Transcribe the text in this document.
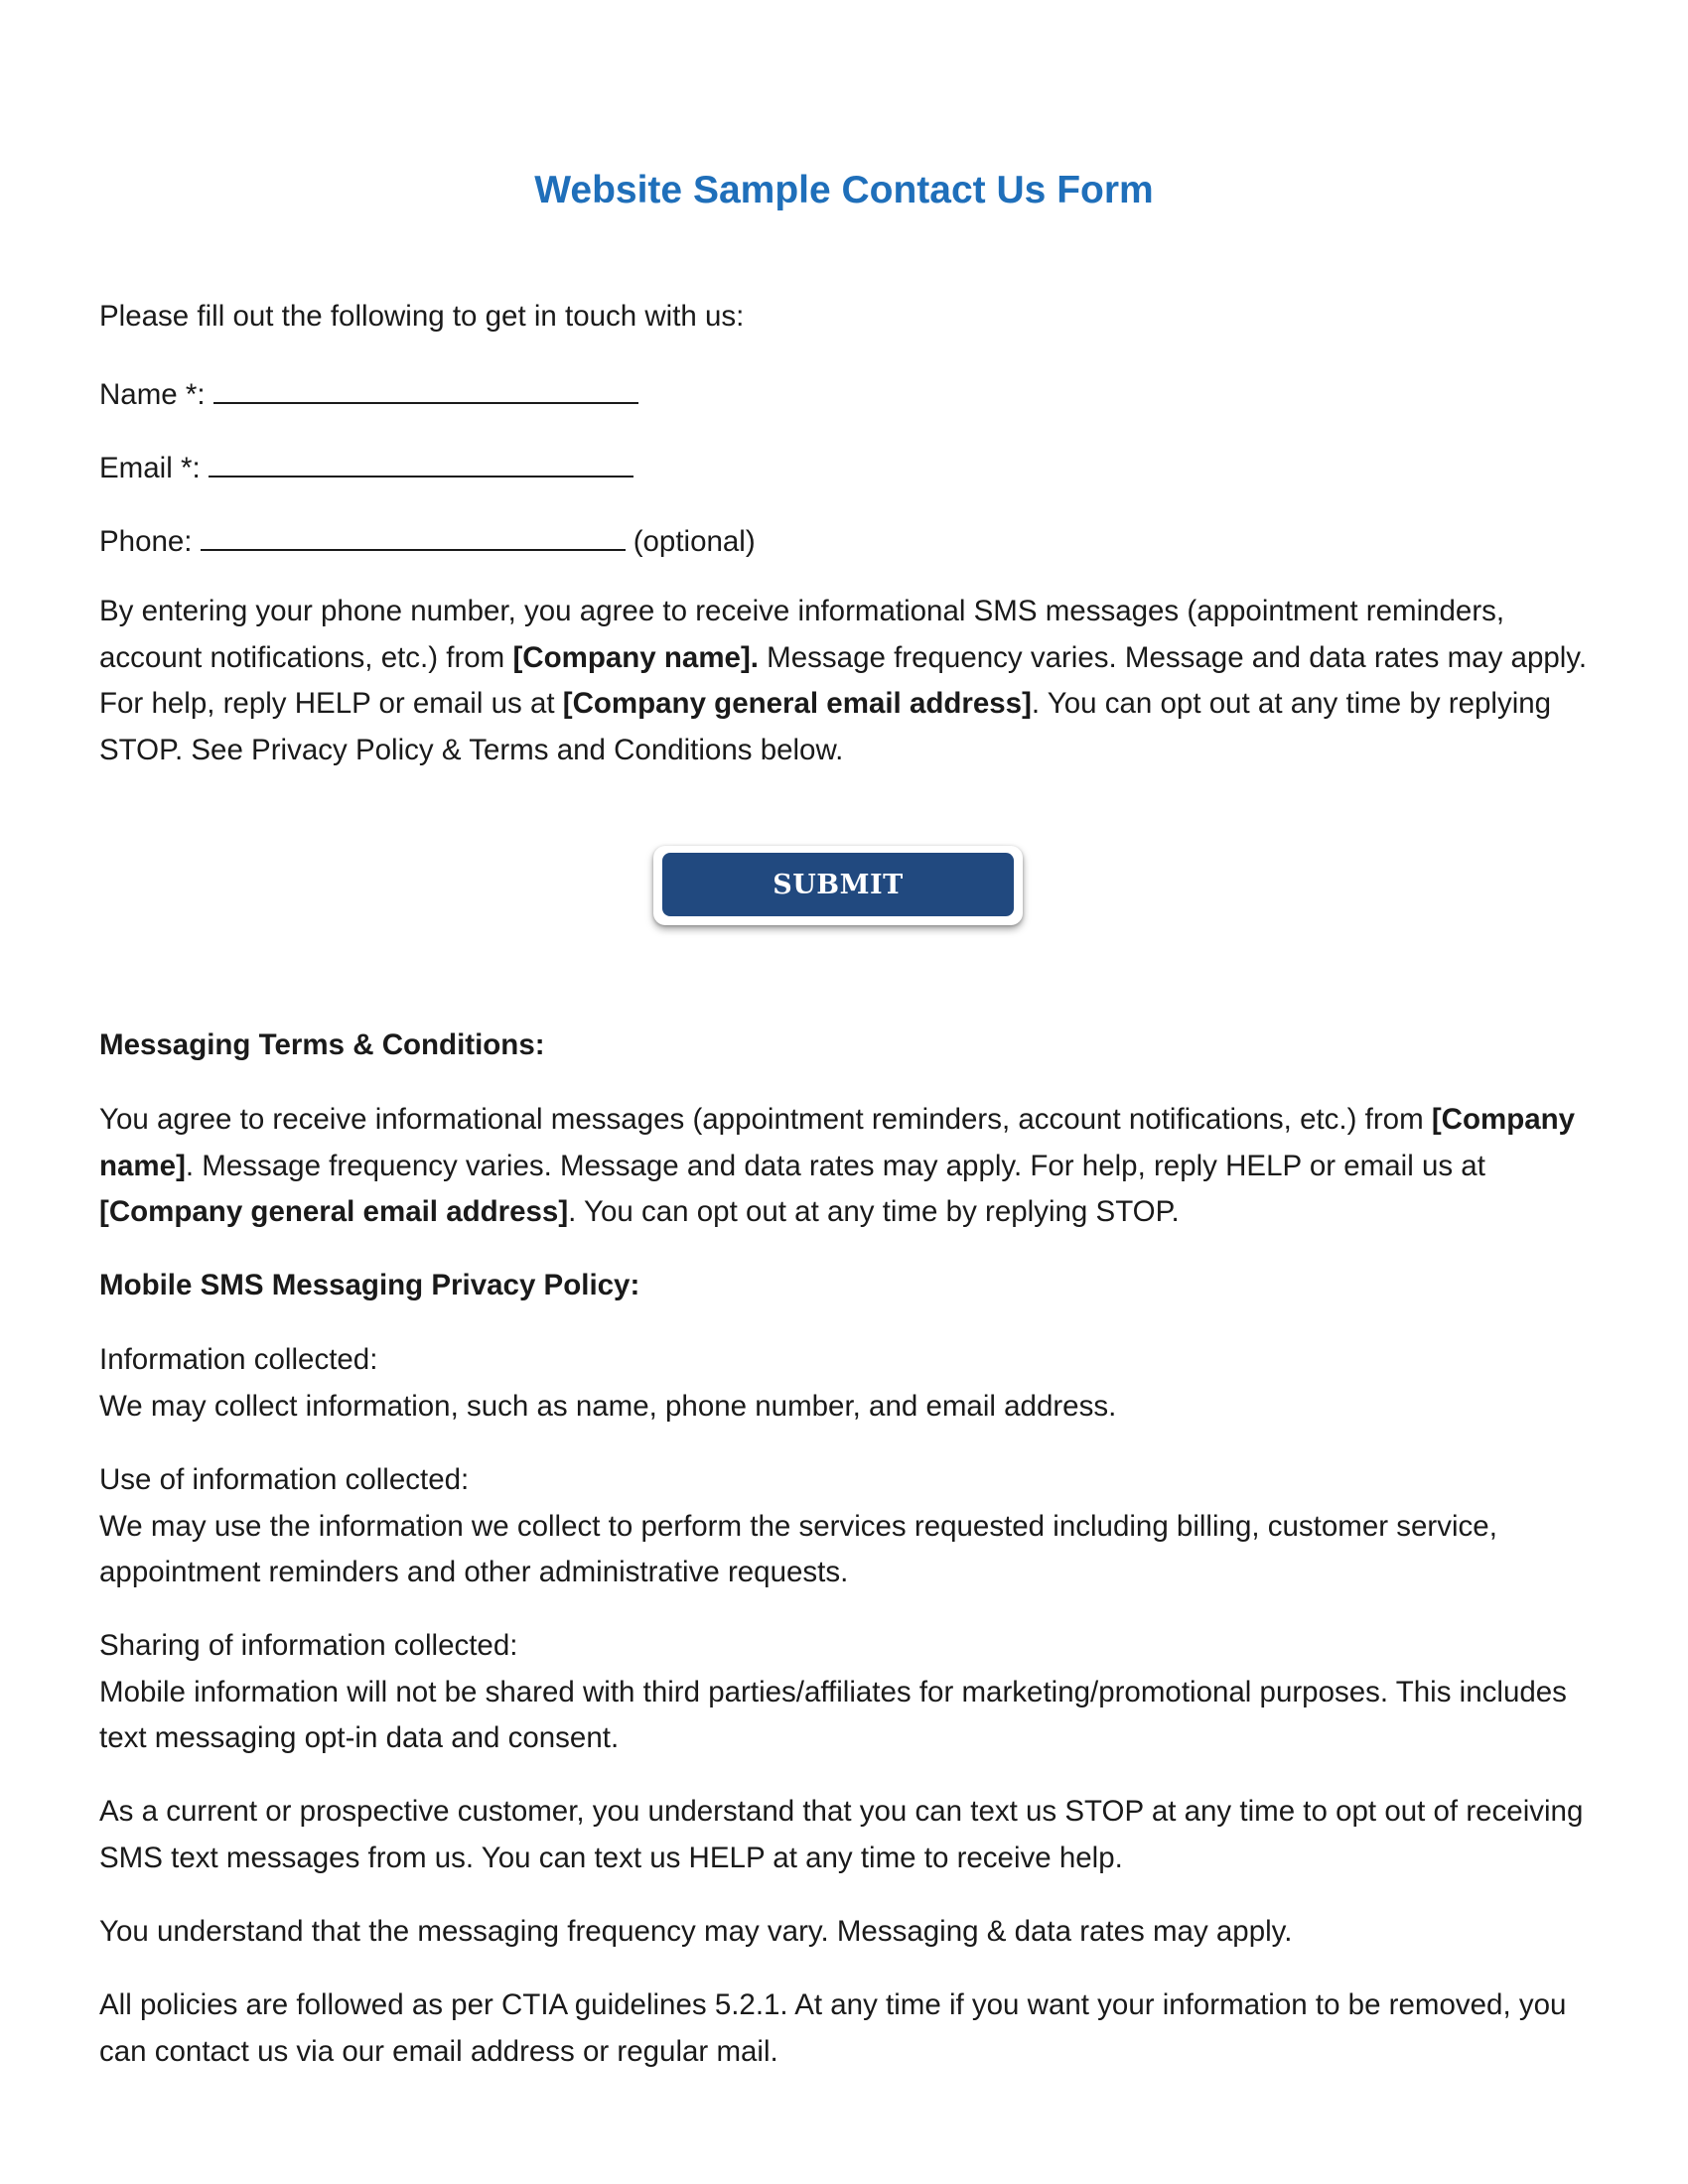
Website Sample Contact Us Form

Please fill out the following to get in touch with us:

Name *:

Email *:

Phone:	(optional)

By entering your phone number, you agree to receive informational SMS messages (appointment reminders, account notifications, etc.) from [Company name]. Message frequency varies. Message and data rates may apply. For help, reply HELP or email us at [Company general email address]. You can opt out at any time by replying STOP. See Privacy Policy & Terms and Conditions below.

SUBMIT

Messaging Terms & Conditions:

You agree to receive informational messages (appointment reminders, account notifications, etc.) from [Company name]. Message frequency varies. Message and data rates may apply. For help, reply HELP or email us at [Company general email address]. You can opt out at any time by replying STOP.

Mobile SMS Messaging Privacy Policy:

Information collected:
We may collect information, such as name, phone number, and email address.

Use of information collected:
We may use the information we collect to perform the services requested including billing, customer service, appointment reminders and other administrative requests.

Sharing of information collected:
Mobile information will not be shared with third parties/affiliates for marketing/promotional purposes. This includes text messaging opt-in data and consent.

As a current or prospective customer, you understand that you can text us STOP at any time to opt out of receiving SMS text messages from us. You can text us HELP at any time to receive help.

You understand that the messaging frequency may vary. Messaging & data rates may apply.

All policies are followed as per CTIA guidelines 5.2.1. At any time if you want your information to be removed, you can contact us via our email address or regular mail.
